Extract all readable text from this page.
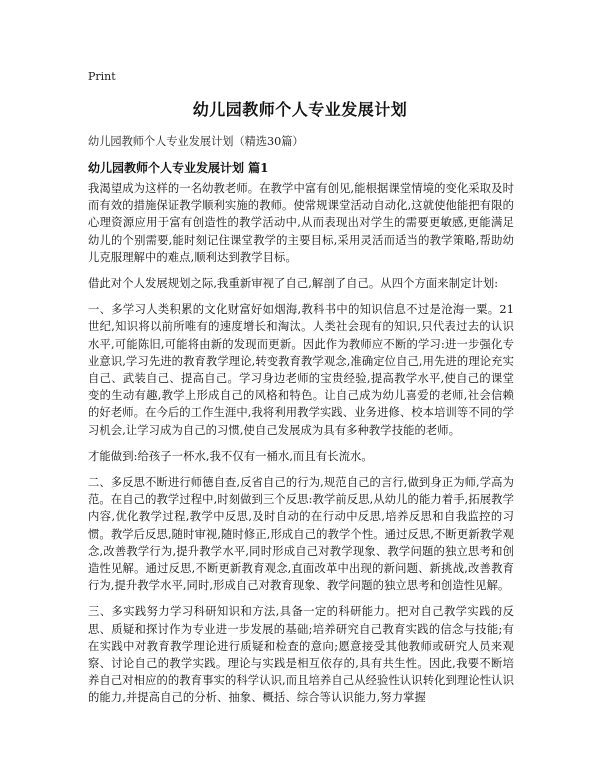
Print
幼儿园教师个人专业发展计划
幼儿园教师个人专业发展计划（精选30篇）
幼儿园教师个人专业发展计划 篇1

我渴望成为这样的一名幼教老师。在教学中富有创见,能根据课堂情境的变化采取及时而有效的措施保证教学顺利实施的教师。使常规课堂活动自动化,这就使他能把有限的心理资源应用于富有创造性的教学活动中,从而表现出对学生的需要更敏感,更能满足幼儿的个别需要,能时刻记住课堂教学的主要目标,采用灵活而适当的教学策略,帮助幼儿克服理解中的难点,顺利达到教学目标。

借此对个人发展规划之际,我重新审视了自己,解剖了自己。从四个方面来制定计划:

一、多学习人类积累的文化财富好如烟海,教科书中的知识信息不过是沧海一粟。21世纪,知识将以前所唯有的速度增长和淘汰。人类社会现有的知识,只代表过去的认识水平,可能陈旧,可能将由新的发现而更新。因此作为教师应不断的学习:进一步强化专业意识,学习先进的教育教学理论,转变教育教学观念,准确定位自己,用先进的理论充实自己、武装自己、提高自己。学习身边老师的宝贵经验,提高教学水平,使自己的课堂变的生动有趣,教学上形成自己的风格和特色。让自己成为幼儿喜爱的老师,社会信赖的好老师。在今后的工作生涯中,我将利用教学实践、业务进修、校本培训等不同的学习机会,让学习成为自己的习惯,使自己发展成为具有多种教学技能的老师。

才能做到:给孩子一杯水,我不仅有一桶水,而且有长流水。

二、多反思不断进行师德自查,反省自己的行为,规范自己的言行,做到身正为师,学高为范。在自己的教学过程中,时刻做到三个反思:教学前反思,从幼儿的能力着手,拓展教学内容,优化教学过程,教学中反思,及时自动的在行动中反思,培养反思和自我监控的习惯。教学后反思,随时审视,随时修正,形成自己的教学个性。通过反思,不断更新教学观念,改善教学行为,提升教学水平,同时形成自己对教学现象、教学问题的独立思考和创造性见解。通过反思,不断更新教育观念,直面改革中出现的新问题、新挑战,改善教育行为,提升教学水平,同时,形成自己对教育现象、教学问题的独立思考和创造性见解。

三、多实践努力学习科研知识和方法,具备一定的科研能力。把对自己教学实践的反思、质疑和探讨作为专业进一步发展的基础;培养研究自己教育实践的信念与技能;有在实践中对教育教学理论进行质疑和检查的意向;愿意接受其他教师或研究人员来观察、讨论自己的教学实践。理论与实践是相互依存的,具有共生性。因此,我要不断培养自己对相应的的教育事实的科学认识,而且培养自己从经验性认识转化到理论性认识的能力,并提高自己的分析、抽象、概括、综合等认识能力,努力掌握
